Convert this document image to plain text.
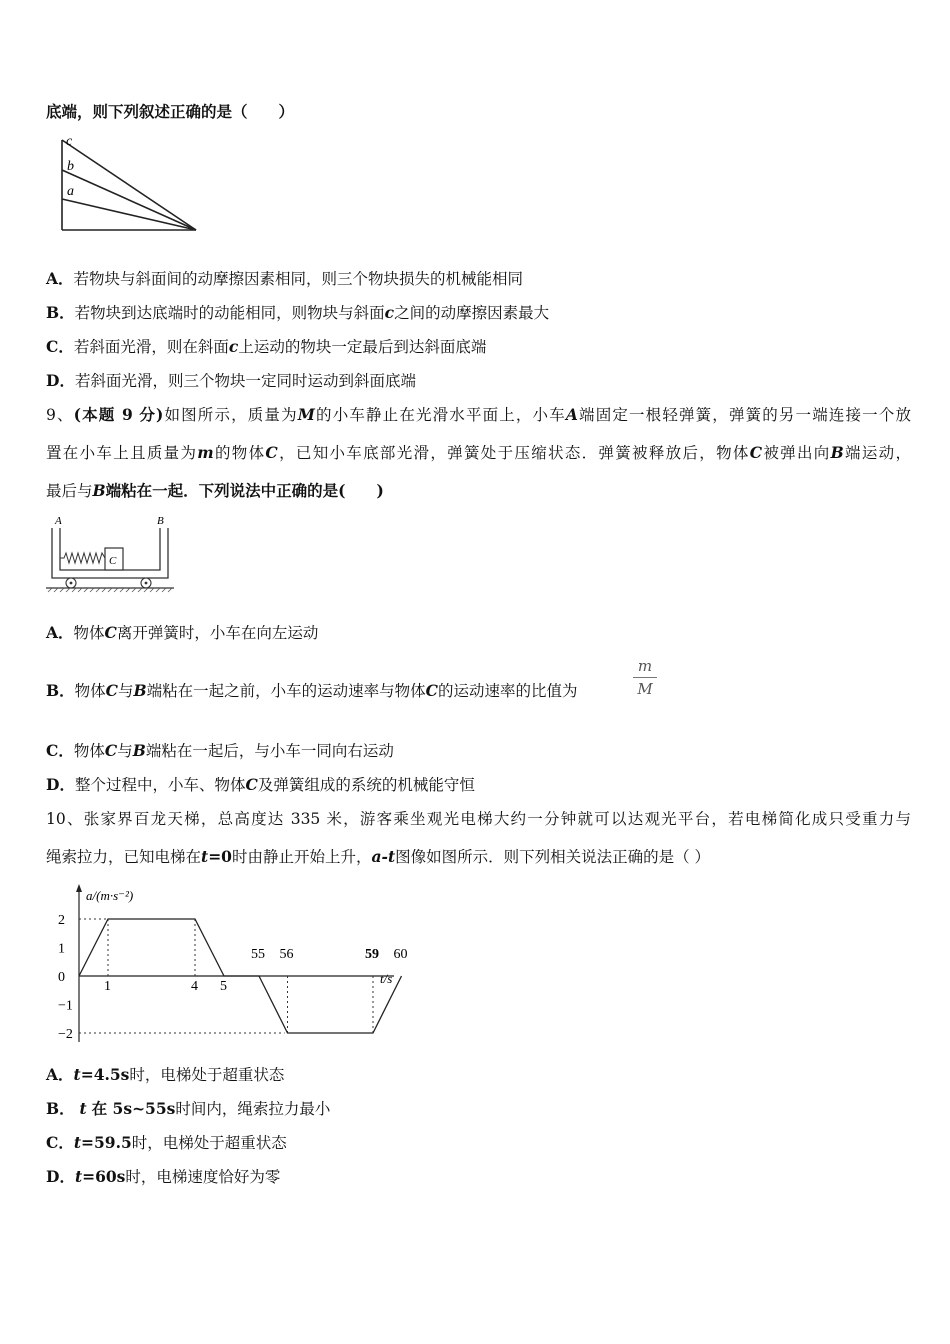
底端，则下列叙述正确的是（　　）
c
b
a
A．若物块与斜面间的动摩擦因素相同，则三个物块损失的机械能相同
B．若物块到达底端时的动能相同，则物块与斜面c之间的动摩擦因素最大
C．若斜面光滑，则在斜面c上运动的物块一定最后到达斜面底端
D．若斜面光滑，则三个物块一定同时运动到斜面底端
9、(本题 9 分)如图所示，质量为M的小车静止在光滑水平面上，小车A端固定一根轻弹簧，弹簧的另一端连接一个放
置在小车上且质量为m的物体C，已知小车底部光滑，弹簧处于压缩状态．弹簧被释放后，物体C被弹出向B端运动，
最后与B端粘在一起．下列说法中正确的是(　　)
A	B
C
A．物体C离开弹簧时，小车在向左运动
B．物体C与B端粘在一起之前，小车的运动速率与物体C的运动速率的比值为	$\frac{m}{M}$
C．物体C与B端粘在一起后，与小车一同向右运动
D．整个过程中，小车、物体C及弹簧组成的系统的机械能守恒
10、张家界百龙天梯，总高度达 335 米，游客乘坐观光电梯大约一分钟就可以达观光平台，若电梯简化成只受重力与
绳索拉力，已知电梯在t=0时由静止开始上升，a-t图像如图所示．则下列相关说法正确的是（ ）
a/(m·s⁻²)
t/s
2
1
0
−1
−2
1	4 5
55 56	59 60
A．t=4.5s时，电梯处于超重状态
B． t 在 5s~55s时间内，绳索拉力最小
C．t=59.5时，电梯处于超重状态
D．t=60s时，电梯速度恰好为零
